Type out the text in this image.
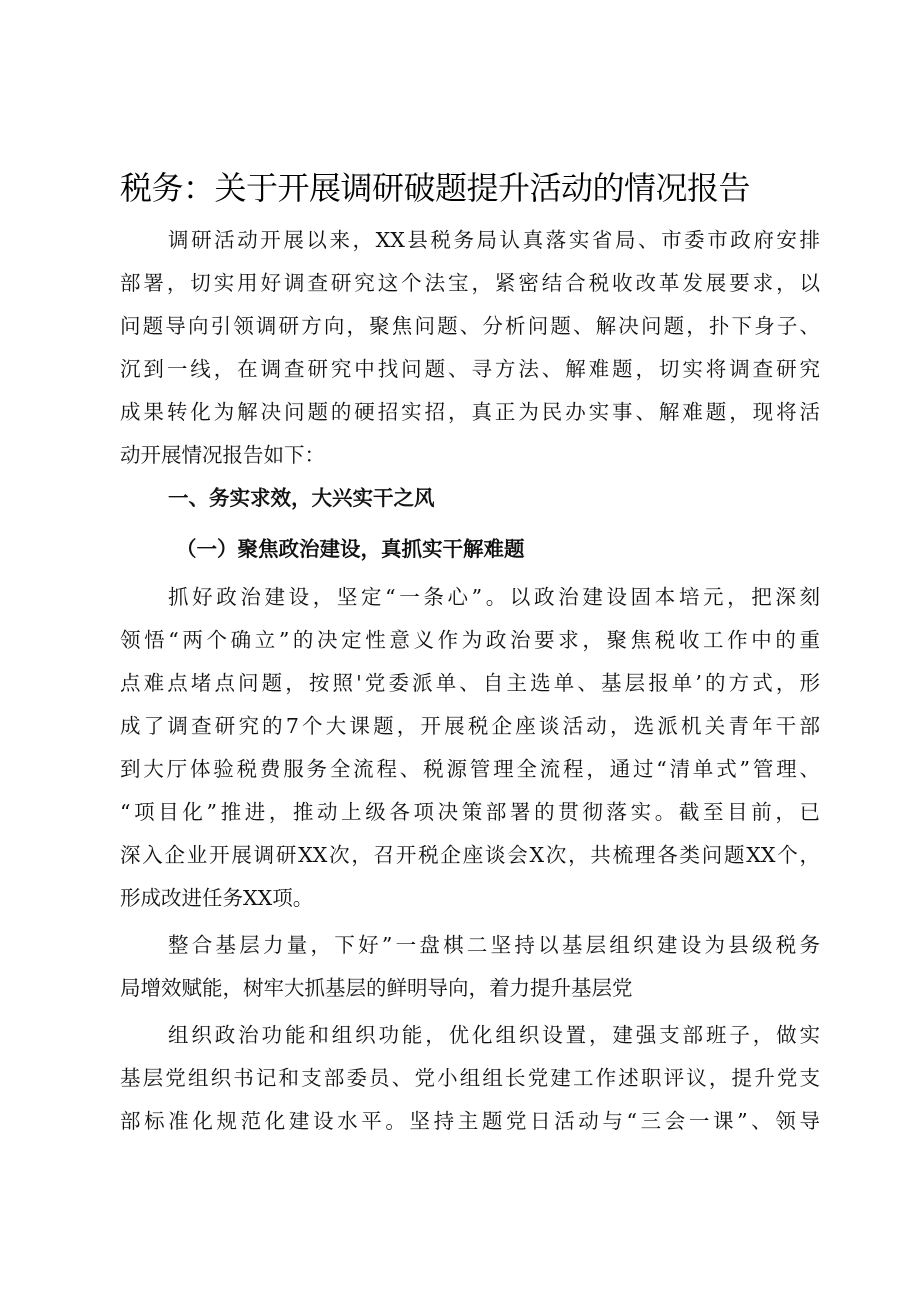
税务：关于开展调研破题提升活动的情况报告
调研活动开展以来，XX县税务局认真落实省局、市委市政府安排
部署，切实用好调查研究这个法宝，紧密结合税收改革发展要求，以
问题导向引领调研方向，聚焦问题、分析问题、解决问题，扑下身子、
沉到一线，在调查研究中找问题、寻方法、解难题，切实将调查研究
成果转化为解决问题的硬招实招，真正为民办实事、解难题，现将活
动开展情况报告如下：
一、务实求效，大兴实干之风
（一）聚焦政治建设，真抓实干解难题
抓好政治建设，坚定“一条心”。以政治建设固本培元，把深刻
领悟“两个确立”的决定性意义作为政治要求，聚焦税收工作中的重
点难点堵点问题，按照'党委派单、自主选单、基层报单’的方式，形
成了调查研究的7个大课题，开展税企座谈活动，选派机关青年干部
到大厅体验税费服务全流程、税源管理全流程，通过“清单式”管理、
“项目化”推进，推动上级各项决策部署的贯彻落实。截至目前，已
深入企业开展调研XX次，召开税企座谈会X次，共梳理各类问题XX个，
形成改进任务XX项。
整合基层力量，下好”一盘棋二坚持以基层组织建设为县级税务
局增效赋能，树牢大抓基层的鲜明导向，着力提升基层党
组织政治功能和组织功能，优化组织设置，建强支部班子，做实
基层党组织书记和支部委员、党小组组长党建工作述职评议，提升党支
部标准化规范化建设水平。坚持主题党日活动与“三会一课”、领导
